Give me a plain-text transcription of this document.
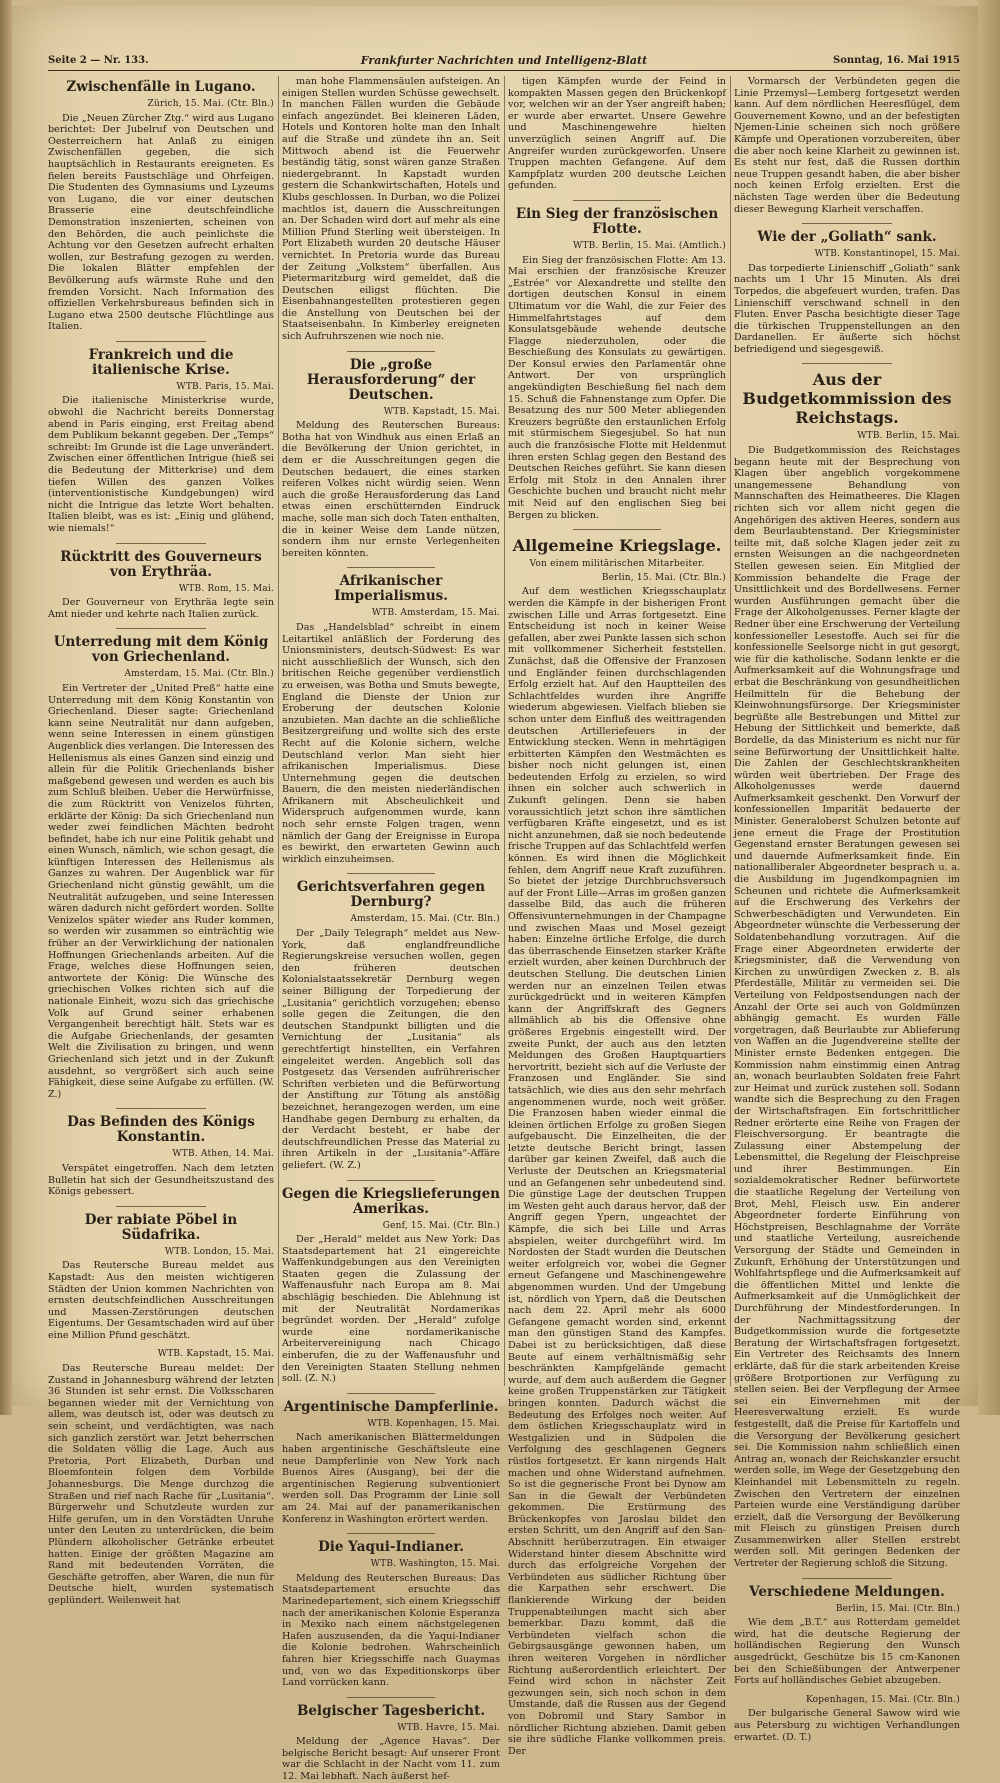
Seite 2 — Nr. 133.	Frankfurter Nachrichten und Intelligenz-Blatt	Sonntag, 16. Mai 1915
Zwischenfälle in Lugano.
Zürich, 15. Mai. (Ctr. Bln.)

Die „Neuen Zürcher Ztg.“ wird aus Lugano berichtet: Der Jubelruf von Deutschen und Oesterreichern hat Anlaß zu einigen Zwischenfällen gegeben, die sich hauptsächlich in Restaurants ereigneten. Es fielen bereits Faustschläge und Ohrfeigen. Die Studenten des Gymnasiums und Lyzeums von Lugano, die vor einer deutschen Brasserie eine deutschfeindliche Demonstration inszenierten, scheinen von den Behörden, die auch peinlichste die Achtung vor den Gesetzen aufrecht erhalten wollen, zur Bestrafung gezogen zu werden. Die lokalen Blätter empfehlen der Bevölkerung aufs wärmste Ruhe und den fremden Vorsicht. Nach Information des offiziellen Verkehrsbureaus befinden sich in Lugano etwa 2500 deutsche Flüchtlinge aus Italien.

Frankreich und die italienische Krise.
WTB. Paris, 15. Mai.

Die italienische Ministerkrise wurde, obwohl die Nachricht bereits Donnerstag abend in Paris einging, erst Freitag abend dem Publikum bekannt gegeben. Der „Temps“ schreibt: Im Grunde ist die Lage unverändert. Zwischen einer öffentlichen Intrigue (hieß sei die Bedeutung der Mitterkrise) und dem tiefen Willen des ganzen Volkes (interventionistische Kundgebungen) wird nicht die Intrigue das letzte Wort behalten. Italien bleibt, was es ist: „Einig und glühend, wie niemals!“

Rücktritt des Gouverneurs von Erythräa.
WTB. Rom, 15. Mai.

Der Gouverneur von Erythräa legte sein Amt nieder und kehrte nach Italien zurück.

Unterredung mit dem König von Griechenland.
Amsterdam, 15. Mai. (Ctr. Bln.)

Ein Vertreter der „United Preß“ hatte eine Unterredung mit dem König Konstantin von Griechenland. Dieser sagte: Griechenland kann seine Neutralität nur dann aufgeben, wenn seine Interessen in einem günstigen Augenblick dies verlangen. Die Interessen des Hellenismus als eines Ganzen sind einzig und allein für die Politik Griechenlands bisher maßgebend gewesen und werden es auch bis zum Schluß bleiben. Ueber die Herwürfnisse, die zum Rücktritt von Venizelos führten, erklärte der König: Da sich Griechenland nun weder zwei feindlichen Mächten bedroht befindet, habe ich nur eine Politik gehabt und einen Wunsch, nämlich, wie schon gesagt, die künftigen Interessen des Hellenismus als Ganzes zu wahren. Der Augenblick war für Griechenland nicht günstig gewählt, um die Neutralität aufzugeben, und seine Interessen wären dadurch nicht gefördert worden. Sollte Venizelos später wieder ans Ruder kommen, so werden wir zusammen so einträchtig wie früher an der Verwirklichung der nationalen Hoffnungen Griechenlands arbeiten. Auf die Frage, welches diese Hoffnungen seien, antwortete der König: Die Wünsche des griechischen Volkes richten sich auf die nationale Einheit, wozu sich das griechische Volk auf Grund seiner erhabenen Vergangenheit berechtigt hält. Stets war es die Aufgabe Griechenlands, der gesamten Welt die Zivilisation zu bringen, und wenn Griechenland sich jetzt und in der Zukunft ausdehnt, so vergrößert sich auch seine Fähigkeit, diese seine Aufgabe zu erfüllen. (W. Z.)

Das Befinden des Königs Konstantin.
WTB. Athen, 14. Mai.

Verspätet eingetroffen. Nach dem letzten Bulletin hat sich der Gesundheitszustand des Königs gebessert.

Der rabiate Pöbel in Südafrika.
WTB. London, 15. Mai.

Das Reutersche Bureau meldet aus Kapstadt: Aus den meisten wichtigeren Städten der Union kommen Nachrichten von ernsten deutschfeindlichen Ausschreitungen und Massen-Zerstörungen deutschen Eigentums. Der Gesamtschaden wird auf über eine Million Pfund geschätzt.

WTB. Kapstadt, 15. Mai.

Das Reutersche Bureau meldet: Der Zustand in Johannesburg während der letzten 36 Stunden ist sehr ernst. Die Volksscharen begannen wieder mit der Vernichtung von allem, was deutsch ist, oder was deutsch zu sein scheint, und verdächtigten, was nach sich ganzlich zerstört war. Jetzt beherrschen die Soldaten völlig die Lage. Auch aus Pretoria, Port Elizabeth, Durban und Bloemfontein folgen dem Vorbilde Johannesburgs. Die Menge durchzog die Straßen und rief nach Rache für „Lusitania“. Bürgerwehr und Schutzleute wurden zur Hilfe gerufen, um in den Vorstädten Unruhe unter den Leuten zu unterdrücken, die beim Plündern alkoholischer Getränke erbeutet hatten. Einige der größten Magazine am Rand mit bedeutenden Vorräten, die Geschäfte getroffen, aber Waren, die nun für Deutsche hielt, wurden systematisch geplündert. Weilenweit hat

man hohe Flammensäulen aufsteigen. An einigen Stellen wurden Schüsse gewechselt. In manchen Fällen wurden die Gebäude einfach angezündet. Bei kleineren Läden, Hotels und Kontoren holte man den Inhalt auf die Straße und zündete ihn an. Seit Mittwoch abend ist die Feuerwehr beständig tätig, sonst wären ganze Straßen niedergebrannt. In Kapstadt wurden gestern die Schankwirtschaften, Hotels und Klubs geschlossen. In Durban, wo die Polizei machtlos ist, dauern die Ausschreitungen an. Der Schaden wird dort auf mehr als eine Million Pfund Sterling weit übersteigen. In Port Elizabeth wurden 20 deutsche Häuser vernichtet. In Pretoria wurde das Bureau der Zeitung „Volkstem“ überfallen. Aus Pietermaritzburg wird gemeldet, daß die Deutschen eiligst flüchten. Die Eisenbahnangestellten protestieren gegen die Anstellung von Deutschen bei der Staatseisenbahn. In Kimberley ereigneten sich Aufruhrszenen wie noch nie.

Die „große Herausforderung“ der Deutschen.
WTB. Kapstadt, 15. Mai.

Meldung des Reuterschen Bureaus: Botha hat von Windhuk aus einen Erlaß an die Bevölkerung der Union gerichtet, in dem er die Ausschreitungen gegen die Deutschen bedauert, die eines starken reiferen Volkes nicht würdig seien. Wenn auch die große Herausforderung das Land etwas einen erschütternden Eindruck mache, solle man sich doch Taten enthalten, die in keiner Weise dem Lande nützen, sondern ihm nur ernste Verlegenheiten bereiten könnten.

Afrikanischer Imperialismus.
WTB. Amsterdam, 15. Mai.

Das „Handelsblad“ schreibt in einem Leitartikel anläßlich der Forderung des Unionsministers, deutsch-Südwest: Es war nicht ausschließlich der Wunsch, sich den britischen Reiche gegenüber verdienstlich zu erweisen, was Botha und Smuts bewegte, England die Dienste der Union zur Eroberung der deutschen Kolonie anzubieten. Man dachte an die schließliche Besitzergreifung und wollte sich des erste Recht auf die Kolonie sichern, welche Deutschland verlor. Man sieht hier afrikanischen Imperialismus. Diese Unternehmung gegen die deutschen Bauern, die den meisten niederländischen Afrikanern mit Abscheulichkeit und Widerspruch aufgenommen wurde, kann noch sehr ernste Folgen tragen, wenn nämlich der Gang der Ereignisse in Europa es bewirkt, den erwarteten Gewinn auch wirklich einzuheimsen.

Gerichtsverfahren gegen Dernburg?
Amsterdam, 15. Mai. (Ctr. Bln.)

Der „Daily Telegraph“ meldet aus New-York, daß englandfreundliche Regierungskreise versuchen wollen, gegen den früheren deutschen Kolonialstaatssekretär Dernburg wegen seiner Billigung der Torpedierung der „Lusitania“ gerichtlich vorzugehen; ebenso solle gegen die Zeitungen, die den deutschen Standpunkt billigten und die Vernichtung der „Lusitania“ als gerechtfertigt hinstellten, ein Verfahren eingeleitet werden. Angeblich soll das Postgesetz das Versenden aufrührerischer Schriften verbieten und die Befürwortung der Anstiftung zur Tötung als anstößig bezeichnet, herangezogen werden, um eine Handhabe gegen Dernburg zu erhalten, da der Verdacht besteht, er habe der deutschfreundlichen Presse das Material zu ihren Artikeln in der „Lusitania“-Affäre geliefert. (W. Z.)

Gegen die Kriegslieferungen Amerikas.
Genf, 15. Mai. (Ctr. Bln.)

Der „Herald“ meldet aus New York: Das Staatsdepartement hat 21 eingereichte Waffenkundgebungen aus den Vereinigten Staaten gegen die Zulassung der Waffenausfuhr nach Europa am 8. Mai abschlägig beschieden. Die Ablehnung ist mit der Neutralität Nordamerikas begründet worden. Der „Herald“ zufolge wurde eine nordamerikanische Arbeitervereinigung nach Chicago einberufen, die zu der Waffenausfuhr und den Vereinigten Staaten Stellung nehmen soll. (Z. N.)

Argentinische Dampferlinie.
WTB. Kopenhagen, 15. Mai.

Nach amerikanischen Blättermeldungen haben argentinische Geschäftsleute eine neue Dampferlinie von New York nach Buenos Aires (Ausgang), bei der die argentinischen Regierung subventioniert werden soll. Das Programm der Linie soll am 24. Mai auf der panamerikanischen Konferenz in Washington erörtert werden.

Die Yaqui-Indianer.
WTB. Washington, 15. Mai.

Meldung des Reuterschen Bureaus: Das Staatsdepartement ersuchte das Marinedepartement, sich einem Kriegsschiff nach der amerikanischen Kolonie Esperanza in Mexiko nach einem nächstgelegenen Hafen auszusenden, da die Yaqui-Indianer die Kolonie bedrohen. Wahrscheinlich fahren hier Kriegsschiffe nach Guaymas und, von wo das Expeditionskorps über Land vorrücken kann.

Belgischer Tagesbericht.
WTB. Havre, 15. Mai.

Meldung der „Agence Havas“. Der belgische Bericht besagt: Auf unserer Front war die Schlacht in der Nacht vom 11. zum 12. Mai lebhaft. Nach äußerst hef-

tigen Kämpfen wurde der Feind in kompakten Massen gegen den Brückenkopf vor, welchen wir an der Yser angreift haben; er wurde aber erwartet. Unsere Gewehre und Maschinengewehre hielten unverzüglich seinen Angriff auf. Die Angreifer wurden zurückgeworfen. Unsere Truppen machten Gefangene. Auf dem Kampfplatz wurden 200 deutsche Leichen gefunden.

Ein Sieg der französischen Flotte.
WTB. Berlin, 15. Mai. (Amtlich.)

Ein Sieg der französischen Flotte: Am 13. Mai erschien der französische Kreuzer „Estrée“ vor Alexandrette und stellte den dortigen deutschen Konsul in einem Ultimatum vor die Wahl, die zur Feier des Himmelfahrtstages auf dem Konsulatsgebäude wehende deutsche Flagge niederzuholen, oder die Beschießung des Konsulats zu gewärtigen. Der Konsul erwies den Parlamentär ohne Antwort. Der von ursprünglich angekündigten Beschießung fiel nach dem 15. Schuß die Fahnenstange zum Opfer. Die Besatzung des nur 500 Meter abliegenden Kreuzers begrüßte den erstaunlichen Erfolg mit stürmischem Siegesjubel. So hat nun auch die französische Flotte mit Heldenmut ihren ersten Schlag gegen den Bestand des Deutschen Reiches geführt. Sie kann diesen Erfolg mit Stolz in den Annalen ihrer Geschichte buchen und braucht nicht mehr mit Neid auf den englischen Sieg bei Bergen zu blicken.

Allgemeine Kriegslage.
Von einem militärischen Mitarbeiter.
Berlin, 15. Mai. (Ctr. Bln.)

Auf dem westlichen Kriegsschauplatz werden die Kämpfe in der bisherigen Front zwischen Lille und Arras fortgesetzt. Eine Entscheidung ist noch in keiner Weise gefallen, aber zwei Punkte lassen sich schon mit vollkommener Sicherheit feststellen. Zunächst, daß die Offensive der Franzosen und Engländer feinen durchschlagenden Erfolg erzielt hat. Auf den Hauptteilen des Schlachtfeldes wurden ihre Angriffe wiederum abgewiesen. Vielfach blieben sie schon unter dem Einfluß des weittragenden deutschen Artilleriefeuers in der Entwicklung stecken. Wenn in mehrtägigen erbitterten Kämpfen den Westmächten es bisher noch nicht gelungen ist, einen bedeutenden Erfolg zu erzielen, so wird ihnen ein solcher auch schwerlich in Zukunft gelingen. Denn sie haben voraussichtlich jetzt schon ihre sämtlichen verfügbaren Kräfte eingesetzt, und es ist nicht anzunehmen, daß sie noch bedeutende frische Truppen auf das Schlachtfeld werfen können. Es wird ihnen die Möglichkeit fehlen, dem Angriff neue Kraft zuzuführen. So bietet der jetzige Durchbruchsversuch auf der Front Lille—Arras im großen ganzen dasselbe Bild, das auch die früheren Offensivunternehmungen in der Champagne und zwischen Maas und Mosel gezeigt haben: Einzelne örtliche Erfolge, die durch das überraschende Einsetzen starker Kräfte erzielt wurden, aber keinen Durchbruch der deutschen Stellung. Die deutschen Linien werden nur an einzelnen Teilen etwas zurückgedrückt und in weiteren Kämpfen kann der Angriffskraft des Gegners allmählich ab bis die Offensive ohne größeres Ergebnis eingestellt wird. Der zweite Punkt, der auch aus den letzten Meldungen des Großen Hauptquartiers hervortritt, bezieht sich auf die Verluste der Franzosen und Engländer. Sie sind tatsächlich, wie dies aus den sehr mehrfach angenommenen wurde, noch weit größer. Die Franzosen haben wieder einmal die kleinen örtlichen Erfolge zu großen Siegen aufgebauscht. Die Einzelheiten, die der letzte deutsche Bericht bringt, lassen darüber gar keinen Zweifel, daß auch die Verluste der Deutschen an Kriegsmaterial und an Gefangenen sehr unbedeutend sind. Die günstige Lage der deutschen Truppen im Westen geht auch daraus hervor, daß der Angriff gegen Ypern, ungeachtet der Kämpfe, die sich bei Lille und Arras abspielen, weiter durchgeführt wird. Im Nordosten der Stadt wurden die Deutschen weiter erfolgreich vor, wobei die Gegner erneut Gefangene und Maschinengewehre abgenommen wurden. Und der Umgebung ist, nördlich von Ypern, daß die Deutschen nach dem 22. April mehr als 6000 Gefangene gemacht worden sind, erkennt man den günstigen Stand des Kampfes. Dabei ist zu berücksichtigen, daß diese Beute auf einem verhältnismäßig sehr beschränkten Kampfgelände gemacht wurde, auf dem auch außerdem die Gegner keine großen Truppenstärken zur Tätigkeit bringen konnten. Dadurch wächst die Bedeutung des Erfolges noch weiter. Auf dem östlichen Kriegsschauplatz wird in Westgalizien und in Südpolen die Verfolgung des geschlagenen Gegners rüstlos fortgesetzt. Er kann nirgends Halt machen und ohne Widerstand aufnehmen. So ist die gegnerische Front bei Dynow am San in die Gewalt der Verbündeten gekommen. Die Erstürmung des Brückenkopfes von Jaroslau bildet den ersten Schritt, um den Angriff auf den San-Abschnitt herüberzutragen. Ein etwaiger Widerstand hinter diesem Abschnitte wird durch das erfolgreiche Vorgehen der Verbündeten aus südlicher Richtung über die Karpathen sehr erschwert. Die flankierende Wirkung der beiden Truppenabteilungen macht sich aber bemerkbar. Dazu kommt, daß die Verbündeten vielfach schon die Gebirgsausgänge gewonnen haben, um ihren weiteren Vorgehen in nördlicher Richtung außerordentlich erleichtert. Der Feind wird schon in nächster Zeit gezwungen sein, sich noch schon in dem Umstande, daß die Russen aus der Gegend von Dobromil und Stary Sambor in nördlicher Richtung abziehen. Damit geben sie ihre südliche Flanke vollkommen preis. Der

Vormarsch der Verbündeten gegen die Linie Przemysl—Lemberg fortgesetzt werden kann. Auf dem nördlichen Heeresflügel, dem Gouvernement Kowno, und an der befestigten Njemen-Linie scheinen sich noch größere Kämpfe und Operationen vorzubereiten, über die aber noch keine Klarheit zu gewinnen ist. Es steht nur fest, daß die Russen dorthin neue Truppen gesandt haben, die aber bisher noch keinen Erfolg erzielten. Erst die nächsten Tage werden über die Bedeutung dieser Bewegung Klarheit verschaffen.

Wie der „Goliath“ sank.
WTB. Konstantinopel, 15. Mai.

Das torpedierte Linienschiff „Goliath“ sank nachts um 1 Uhr 15 Minuten. Als drei Torpedos, die abgefeuert wurden, trafen. Das Linienschiff verschwand schnell in den Fluten. Enver Pascha besichtigte dieser Tage die türkischen Truppenstellungen an den Dardanellen. Er äußerte sich höchst befriedigend und siegesgewiß.

Aus der Budgetkommission des Reichstags.
WTB. Berlin, 15. Mai.

Die Budgetkommission des Reichstages begann heute mit der Besprechung von Klagen über angeblich vorgekommene unangemessene Behandlung von Mannschaften des Heimatheeres. Die Klagen richten sich vor allem nicht gegen die Angehörigen des aktiven Heeres, sondern aus dem Beurlaubtenstand. Der Kriegsminister teilte mit, daß solche Klagen jeder zeit zu ernsten Weisungen an die nachgeordneten Stellen gewesen seien. Ein Mitglied der Kommission behandelte die Frage der Unsittlichkeit und des Bordellwesens. Ferner wurden Ausführungen gemacht über die Frage der Alkoholgenusses. Ferner klagte der Redner über eine Erschwerung der Verteilung konfessioneller Lesestoffe. Auch sei für die konfessionelle Seelsorge nicht in gut gesorgt, wie für die katholische. Sodann lenkte er die Aufmerksamkeit auf die Wohnungsfrage und erbat die Beschränkung von gesundheitlichen Heilmitteln für die Behebung der Kleinwohnungsfürsorge. Der Kriegsminister begrüßte alle Bestrebungen und Mittel zur Hebung der Sittlichkeit und bemerkte, daß Bordelle, da das Ministerium es nicht nur für seine Befürwortung der Unsittlichkeit halte. Die Zahlen der Geschlechtskrankheiten würden weit übertrieben. Der Frage des Alkoholgenusses werde dauernd Aufmerksamkeit geschenkt. Den Vorwurf der konfessionellen Imparität bedauerte der Minister. Generaloberst Schulzen betonte auf jene erneut die Frage der Prostitution Gegenstand ernster Beratungen gewesen sei und dauernde Aufmerksamkeit finde. Ein nationalliberaler Abgeordneter besprach u. a. die Ausbildung im Jugendkompagnien im Scheunen und richtete die Aufmerksamkeit auf die Erschwerung des Verkehrs der Schwerbeschädigten und Verwundeten. Ein Abgeordneter wünschte die Verbesserung der Soldatenbehandlung vorzutragen. Auf die Frage einer Abgeordneten erwiderte der Kriegsminister, daß die Verwendung von Kirchen zu unwürdigen Zwecken z. B. als Pferdeställe, Militär zu vermeiden sei. Die Verteilung von Feldpostsendungen nach der Anzahl der Orte sei auch von Goldmünzen abhängig gemacht. Es wurden Fälle vorgetragen, daß Beurlaubte zur Ablieferung von Waffen an die Jugendvereine stellte der Minister ernste Bedenken entgegen. Die Kommission nahm einstimmig einen Antrag an, wonach beurlaubten Soldaten freie Fahrt zur Heimat und zurück zustehen soll. Sodann wandte sich die Besprechung zu den Fragen der Wirtschaftsfragen. Ein fortschrittlicher Redner erörterte eine Reihe von Fragen der Fleischversorgung. Er beantragte die Zulassung einer Abstempelung der Lebensmittel, die Regelung der Fleischpreise und ihrer Bestimmungen. Ein sozialdemokratischer Redner befürwortete die staatliche Regelung der Verteilung von Brot, Mehl, Fleisch usw. Ein anderer Abgeordneter forderte Einführung von Höchstpreisen, Beschlagnahme der Vorräte und staatliche Verteilung, ausreichende Versorgung der Städte und Gemeinden in Zukunft, Erhöhung der Unterstützungen und Wohlfahrtspflege und die Aufmerksamkeit auf die öffentlichen Mittel und lenkte die Aufmerksamkeit auf die Unmöglichkeit der Durchführung der Mindestforderungen. In der Nachmittagssitzung der Budgetkommission wurde die fortgesetzte Beratung der Wirtschaftsfragen fortgesetzt. Ein Vertreter des Reichsamts des Innern erklärte, daß für die stark arbeitenden Kreise größere Brotportionen zur Verfügung zu stellen seien. Bei der Verpflegung der Armee sei ein Einvernehmen mit der Heeresverwaltung erzielt. Es wurde festgestellt, daß die Preise für Kartoffeln und die Versorgung der Bevölkerung gesichert sei. Die Kommission nahm schließlich einen Antrag an, wonach der Reichskanzler ersucht werden solle, im Wege der Gesetzgebung den Kleinhandel mit Lebensmitteln zu regeln. Zwischen den Vertretern der einzelnen Parteien wurde eine Verständigung darüber erzielt, daß die Versorgung der Bevölkerung mit Fleisch zu günstigen Preisen durch Zusammenwirken aller Stellen erstrebt werden soll. Mit geringen Bedenken der Vertreter der Regierung schloß die Sitzung.

Verschiedene Meldungen.
Berlin, 15. Mai. (Ctr. Bln.)

Wie dem „B.T.“ aus Rotterdam gemeldet wird, hat die deutsche Regierung der holländischen Regierung den Wunsch ausgedrückt, Geschütze bis 15 cm-Kanonen bei den Schießübungen der Antwerpener Forts auf holländisches Gebiet abzugeben.

Kopenhagen, 15. Mai. (Ctr. Bln.)

Der bulgarische General Sawow wird wie aus Petersburg zu wichtigen Verhandlungen erwartet. (D. T.)
